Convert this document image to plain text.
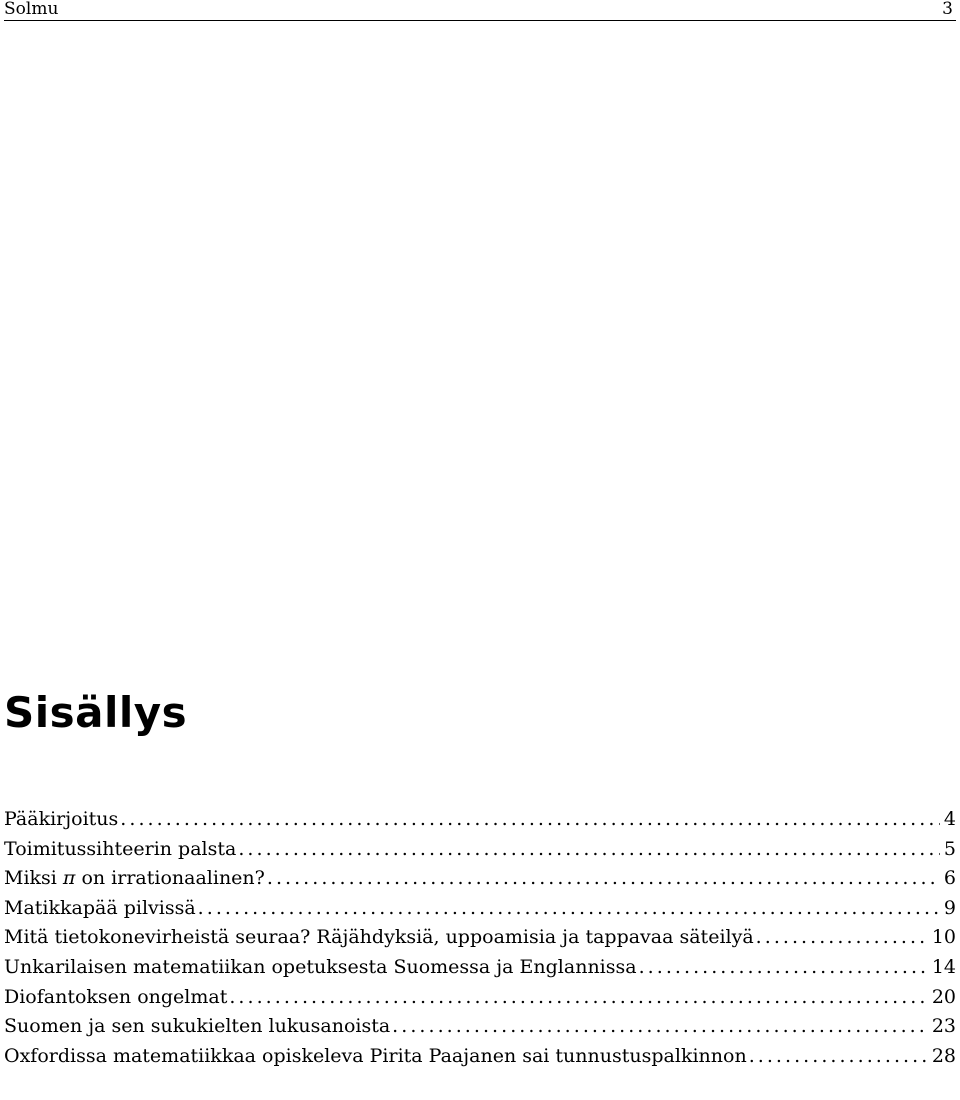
Solmu	3
Sisällys
Pääkirjoitus . . .	4
Toimitussihteerin palsta . . .	5
Miksi π on irrationaalinen? . . .	6
Matikkapää pilvissä . . .	9
Mitä tietokonevirheistä seuraa? Räjähdyksiä, uppoamisia ja tappavaa säteilyä . . .	10
Unkarilaisen matematiikan opetuksesta Suomessa ja Englannissa . . .	14
Diofantoksen ongelmat . . .	20
Suomen ja sen sukukielten lukusanoista . . .	23
Oxfordissa matematiikkaa opiskeleva Pirita Paajanen sai tunnustuspalkinnon . . .	28
